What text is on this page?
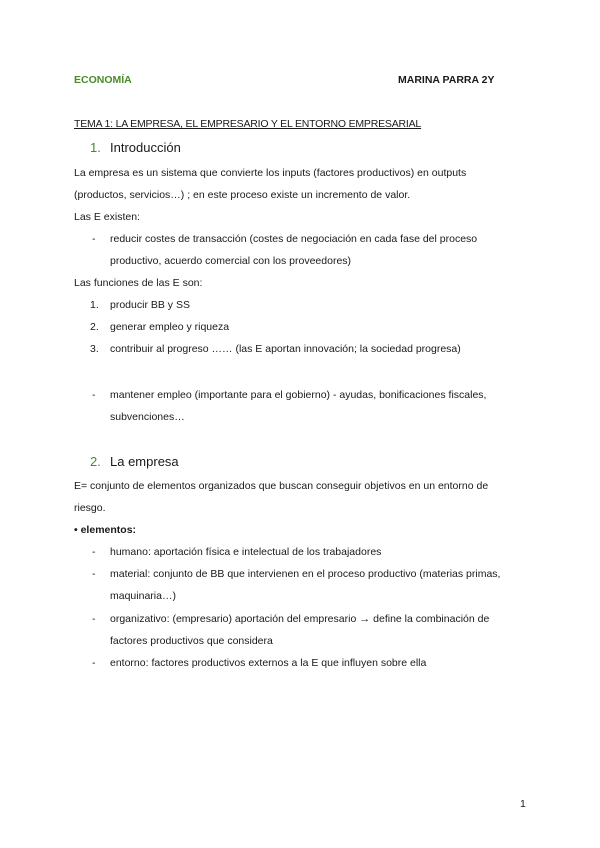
ECONOMÍA	MARINA PARRA 2Y
TEMA 1: LA EMPRESA, EL EMPRESARIO Y EL ENTORNO EMPRESARIAL
1. Introducción
La empresa es un sistema que convierte los inputs (factores productivos) en outputs
(productos, servicios…) ; en este proceso existe un incremento de valor.
Las E existen:
- reducir costes de transacción (costes de negociación en cada fase del proceso
productivo, acuerdo comercial con los proveedores)
Las funciones de las E son:
1. producir BB y SS
2. generar empleo y riqueza
3. contribuir al progreso …… (las E aportan innovación; la sociedad progresa)
- mantener empleo (importante para el gobierno) - ayudas, bonificaciones fiscales,
subvenciones…
2. La empresa
E= conjunto de elementos organizados que buscan conseguir objetivos en un entorno de
riesgo.
• elementos:
- humano: aportación física e intelectual de los trabajadores
- material: conjunto de BB que intervienen en el proceso productivo (materias primas,
maquinaria…)
- organizativo: (empresario) aportación del empresario → define la combinación de
factores productivos que considera
- entorno: factores productivos externos a la E que influyen sobre ella
1
